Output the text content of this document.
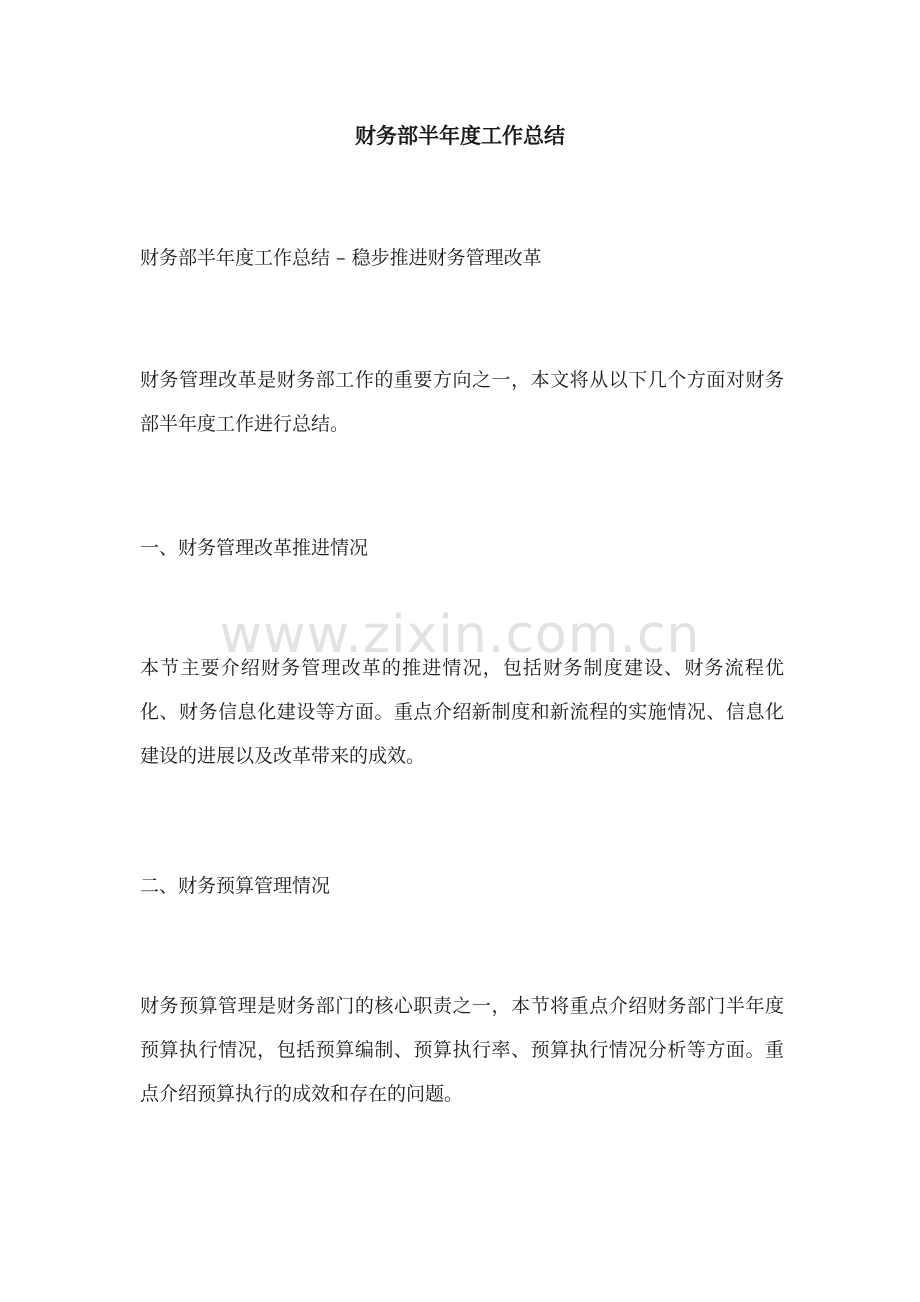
财务部半年度工作总结

财务部半年度工作总结 – 稳步推进财务管理改革

财务管理改革是财务部工作的重要方向之一，本文将从以下几个方面对财务部半年度工作进行总结。

一、财务管理改革推进情况

本节主要介绍财务管理改革的推进情况，包括财务制度建设、财务流程优化、财务信息化建设等方面。重点介绍新制度和新流程的实施情况、信息化建设的进展以及改革带来的成效。

二、财务预算管理情况

财务预算管理是财务部门的核心职责之一，本节将重点介绍财务部门半年度预算执行情况，包括预算编制、预算执行率、预算执行情况分析等方面。重点介绍预算执行的成效和存在的问题。

www.zixin.com.cn
